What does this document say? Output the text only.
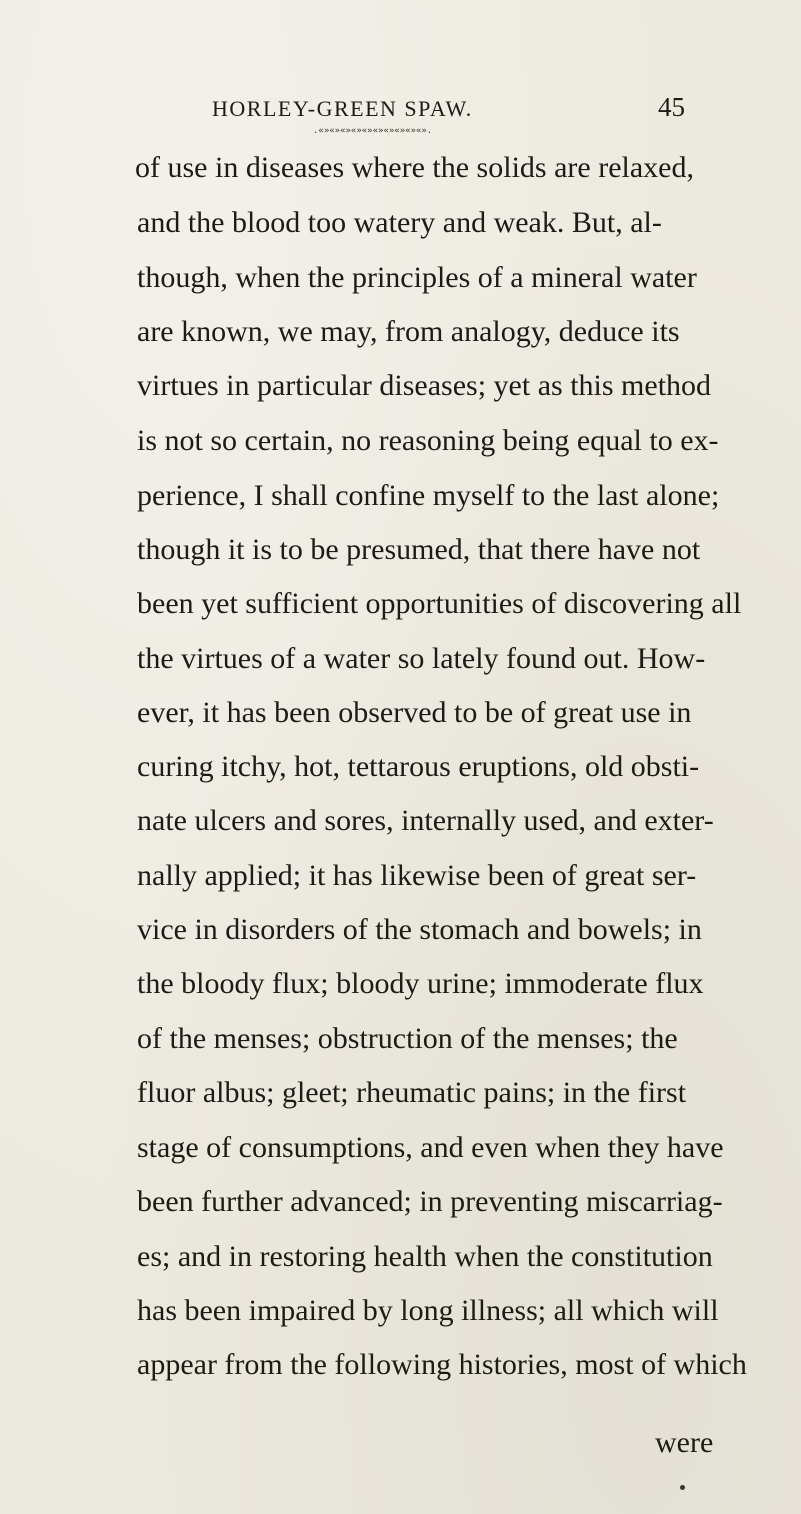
HORLEY-GREEN SPAW.	45
.«»«»«»«»«»«»«»«»«»«».
of use in diseases where the solids are relaxed,
and the blood too watery and weak. But, al-
though, when the principles of a mineral water
are known, we may, from analogy, deduce its
virtues in particular diseases; yet as this method
is not so certain, no reasoning being equal to ex-
perience, I shall confine myself to the last alone;
though it is to be presumed, that there have not
been yet sufficient opportunities of discovering all
the virtues of a water so lately found out. How-
ever, it has been observed to be of great use in
curing itchy, hot, tettarous eruptions, old obsti-
nate ulcers and sores, internally used, and exter-
nally applied; it has likewise been of great ser-
vice in disorders of the stomach and bowels; in
the bloody flux; bloody urine; immoderate flux
of the menses; obstruction of the menses; the
fluor albus; gleet; rheumatic pains; in the first
stage of consumptions, and even when they have
been further advanced; in preventing miscarriag-
es; and in restoring health when the constitution
has been impaired by long illness; all which will
appear from the following histories, most of which
were
